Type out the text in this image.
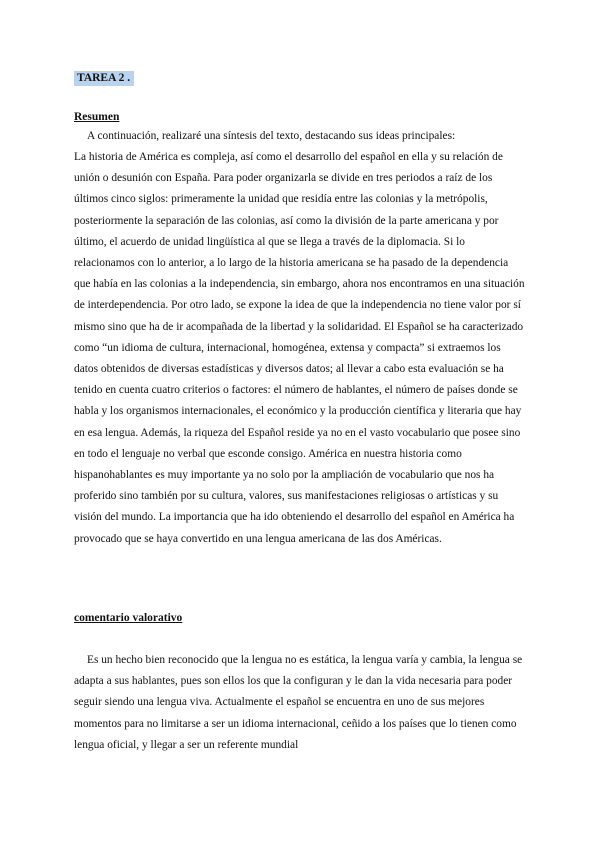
TAREA 2 .
Resumen
A continuación, realizaré una síntesis del texto, destacando sus ideas principales:
La historia de América es compleja, así como el desarrollo del español en ella y su relación de unión o desunión con España. Para poder organizarla se divide en tres periodos a raíz de los últimos cinco siglos: primeramente la unidad que residía entre las colonias y la metrópolis, posteriormente la separación de las colonias, así como la división de la parte americana y por último, el acuerdo de unidad lingüística al que se llega a través de la diplomacia. Si lo relacionamos con lo anterior, a lo largo de la historia americana se ha pasado de la dependencia que había en las colonias a la independencia, sin embargo, ahora nos encontramos en una situación de interdependencia. Por otro lado, se expone la idea de que la independencia no tiene valor por sí mismo sino que ha de ir acompañada de la libertad y la solidaridad. El Español se ha caracterizado como “un idioma de cultura, internacional, homogénea, extensa y compacta” si extraemos los datos obtenidos de diversas estadísticas y diversos datos; al llevar a cabo esta evaluación se ha tenido en cuenta cuatro criterios o factores: el número de hablantes, el número de países donde se habla y los organismos internacionales, el económico y la producción científica y literaria que hay en esa lengua. Además, la riqueza del Español reside ya no en el vasto vocabulario que posee sino en todo el lenguaje no verbal que esconde consigo. América en nuestra historia como hispanohablantes es muy importante ya no solo por la ampliación de vocabulario que nos ha proferido sino también por su cultura, valores, sus manifestaciones religiosas o artísticas y su visión del mundo. La importancia que ha ido obteniendo el desarrollo del español en América ha provocado que se haya convertido en una lengua americana de las dos Américas.
comentario valorativo
Es un hecho bien reconocido que la lengua no es estática, la lengua varía y cambia, la lengua se adapta a sus hablantes, pues son ellos los que la configuran y le dan la vida necesaria para poder seguir siendo una lengua viva. Actualmente el español se encuentra en uno de sus mejores momentos para no limitarse a ser un idioma internacional, ceñido a los países que lo tienen como lengua oficial, y llegar a ser un referente mundial
